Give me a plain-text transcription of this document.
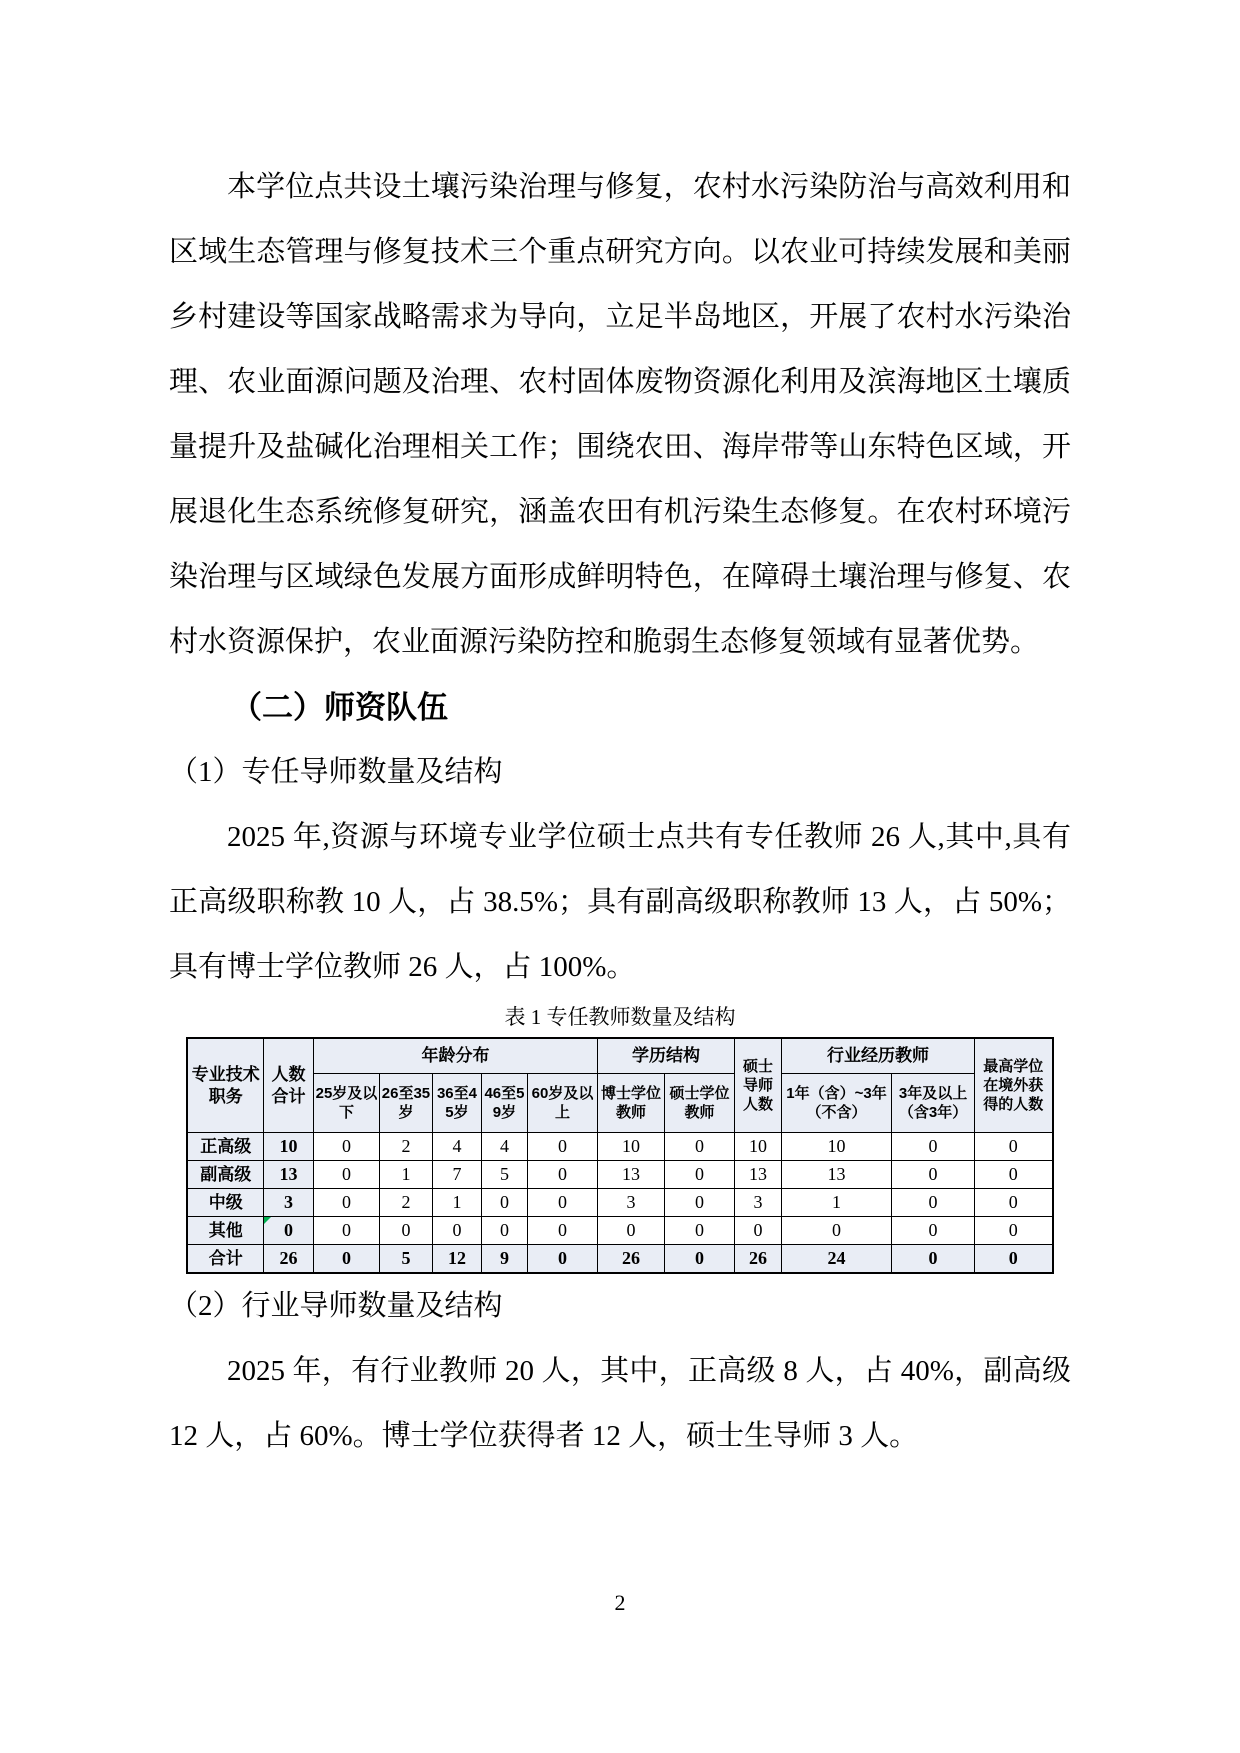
本学位点共设土壤污染治理与修复，农村水污染防治与高效利用和区域生态管理与修复技术三个重点研究方向。以农业可持续发展和美丽乡村建设等国家战略需求为导向，立足半岛地区，开展了农村水污染治理、农业面源问题及治理、农村固体废物资源化利用及滨海地区土壤质量提升及盐碱化治理相关工作；围绕农田、海岸带等山东特色区域，开展退化生态系统修复研究，涵盖农田有机污染生态修复。在农村环境污染治理与区域绿色发展方面形成鲜明特色，在障碍土壤治理与修复、农村水资源保护，农业面源污染防控和脆弱生态修复领域有显著优势。

（二）师资队伍

（1）专任导师数量及结构

2025 年,资源与环境专业学位硕士点共有专任教师 26 人,其中,具有正高级职称教 10 人，占 38.5%；具有副高级职称教师 13 人，占 50%；具有博士学位教师 26 人，占 100%。

表 1 专任教师数量及结构

专业技术职务	人数合计	年龄分布					学历结构		硕士导师人数	行业经历教师		最高学位在境外获得的人数
		25岁及以下	26至35岁	36至45岁	46至59岁	60岁及以上	博士学位教师	硕士学位教师		1年（含）~3年（不含）	3年及以上（含3年）	
正高级	10	0	2	4	4	0	10	0	10	10	0	0
副高级	13	0	1	7	5	0	13	0	13	13	0	0
中级	3	0	2	1	0	0	3	0	3	1	0	0
其他	0	0	0	0	0	0	0	0	0	0	0	0
合计	26	0	5	12	9	0	26	0	26	24	0	0

（2）行业导师数量及结构

2025 年，有行业教师 20 人，其中，正高级 8 人，占 40%，副高级 12 人，占 60%。博士学位获得者 12 人，硕士生导师 3 人。

2
